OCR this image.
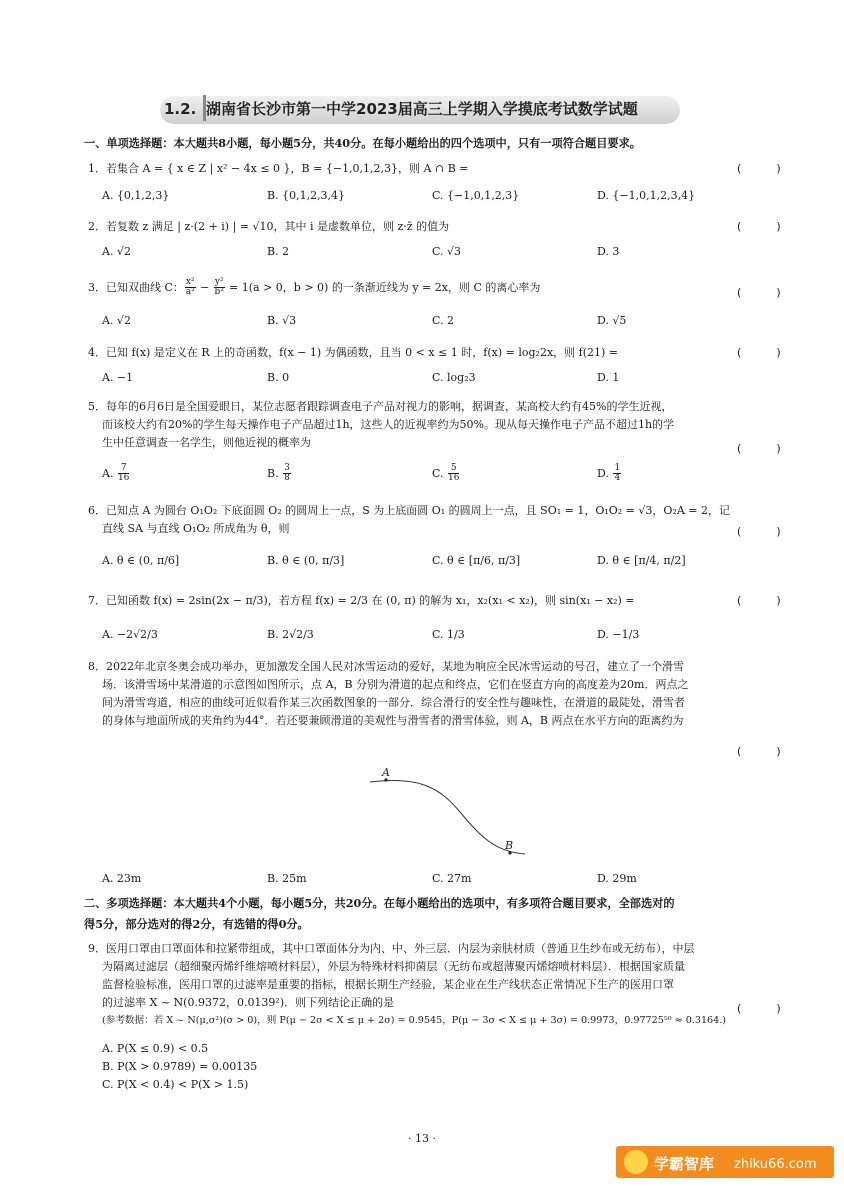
1.2. 湖南省长沙市第一中学2023届高三上学期入学摸底考试数学试题
一、单项选择题：本大题共8小题，每小题5分，共40分。在每小题给出的四个选项中，只有一项符合题目要求。
1．若集合 A = { x ∈ Z | x² − 4x ≤ 0 }，B = {−1,0,1,2,3}，则 A ∩ B =	(     )
A. {0,1,2,3}	B. {0,1,2,3,4}	C. {−1,0,1,2,3}	D. {−1,0,1,2,3,4}
2．若复数 z 满足 | z·(2 + i) | = √10，其中 i 是虚数单位，则 z·z̄ 的值为	(     )
A. √2	B. 2	C. √3	D. 3
3．已知双曲线 C： $\frac{\text{x²}}{\text{a²}} - \frac{\text{y²}}{\text{b²}} = 1(a > 0$，b > 0) 的一条渐近线为 y = 2x，则 C 的离心率为	(     )
A. √2	B. √3	C. 2	D. √5
4．已知 f(x) 是定义在 R 上的奇函数，f(x − 1) 为偶函数，且当 0 < x ≤ 1 时，f(x) = log₂2x，则 f(21) =	(     )
A. −1	B. 0	C. log₂3	D. 1
5．每年的6月6日是全国爱眼日，某位志愿者跟踪调查电子产品对视力的影响，据调查，某高校大约有45%的学生近视，
而该校大约有20%的学生每天操作电子产品超过1h，这些人的近视率约为50%。现从每天操作电子产品不超过1h的学
生中任意调查一名学生，则他近视的概率为	(     )
A. $\frac{7}{16}$	B. $\frac{3}{8}$	C. $\frac{5}{16}$	D. $\frac{1}{4}$
6．已知点 A 为圆台 O₁O₂ 下底面圆 O₂ 的圆周上一点，S 为上底面圆 O₁ 的圆周上一点，且 SO₁ = 1，O₁O₂ = √3，O₂A = 2，记
直线 SA 与直线 O₁O₂ 所成角为 θ，则	(     )
A. θ ∈ (0, π/6]	B. θ ∈ (0, π/3]	C. θ ∈ [π/6, π/3]	D. θ ∈ [π/4, π/2]
7．已知函数 f(x) = 2sin(2x − π/3)，若方程 f(x) = 2/3 在 (0, π) 的解为 x₁，x₂(x₁ < x₂)，则 sin(x₁ − x₂) =	(     )
A. −2√2/3	B. 2√2/3	C. 1/3	D. −1/3
8．2022年北京冬奥会成功举办，更加激发全国人民对冰雪运动的爱好，某地为响应全民冰雪运动的号召，建立了一个滑雪
场．该滑雪场中某滑道的示意图如图所示，点 A，B 分别为滑道的起点和终点，它们在竖直方向的高度差为20m．两点之
间为滑雪弯道，相应的曲线可近似看作某三次函数图象的一部分．综合滑行的安全性与趣味性，在滑道的最陡处，滑雪者
的身体与地面所成的夹角约为44°．若还要兼顾滑道的美观性与滑雪者的滑雪体验，则 A，B 两点在水平方向的距离约为
(     )
A
B
A. 23m	B. 25m	C. 27m	D. 29m
二、多项选择题：本大题共4个小题，每小题5分，共20分。在每小题给出的选项中，有多项符合题目要求，全部选对的
得5分，部分选对的得2分，有选错的得0分。
9．医用口罩由口罩面体和拉紧带组成，其中口罩面体分为内、中、外三层．内层为亲肤材质（普通卫生纱布或无纺布），中层
为隔离过滤层（超细聚丙烯纤维熔喷材料层），外层为特殊材料抑菌层（无纺布或超薄聚丙烯熔喷材料层）．根据国家质量
监督检验标准，医用口罩的过滤率是重要的指标，根据长期生产经验，某企业在生产线状态正常情况下生产的医用口罩
的过滤率 X ~ N(0.9372，0.0139²)．则下列结论正确的是
(参考数据：若 X ~ N(μ,σ²)(σ > 0)，则 P(μ − 2σ < X ≤ μ + 2σ) = 0.9545，P(μ − 3σ < X ≤ μ + 3σ) = 0.9973，0.97725⁵⁰ ≈ 0.3164.)
(     )
A. P(X ≤ 0.9) < 0.5
B. P(X > 0.9789) = 0.00135
C. P(X < 0.4) < P(X > 1.5)
· 13 ·
学霸智库 zhiku66.com
